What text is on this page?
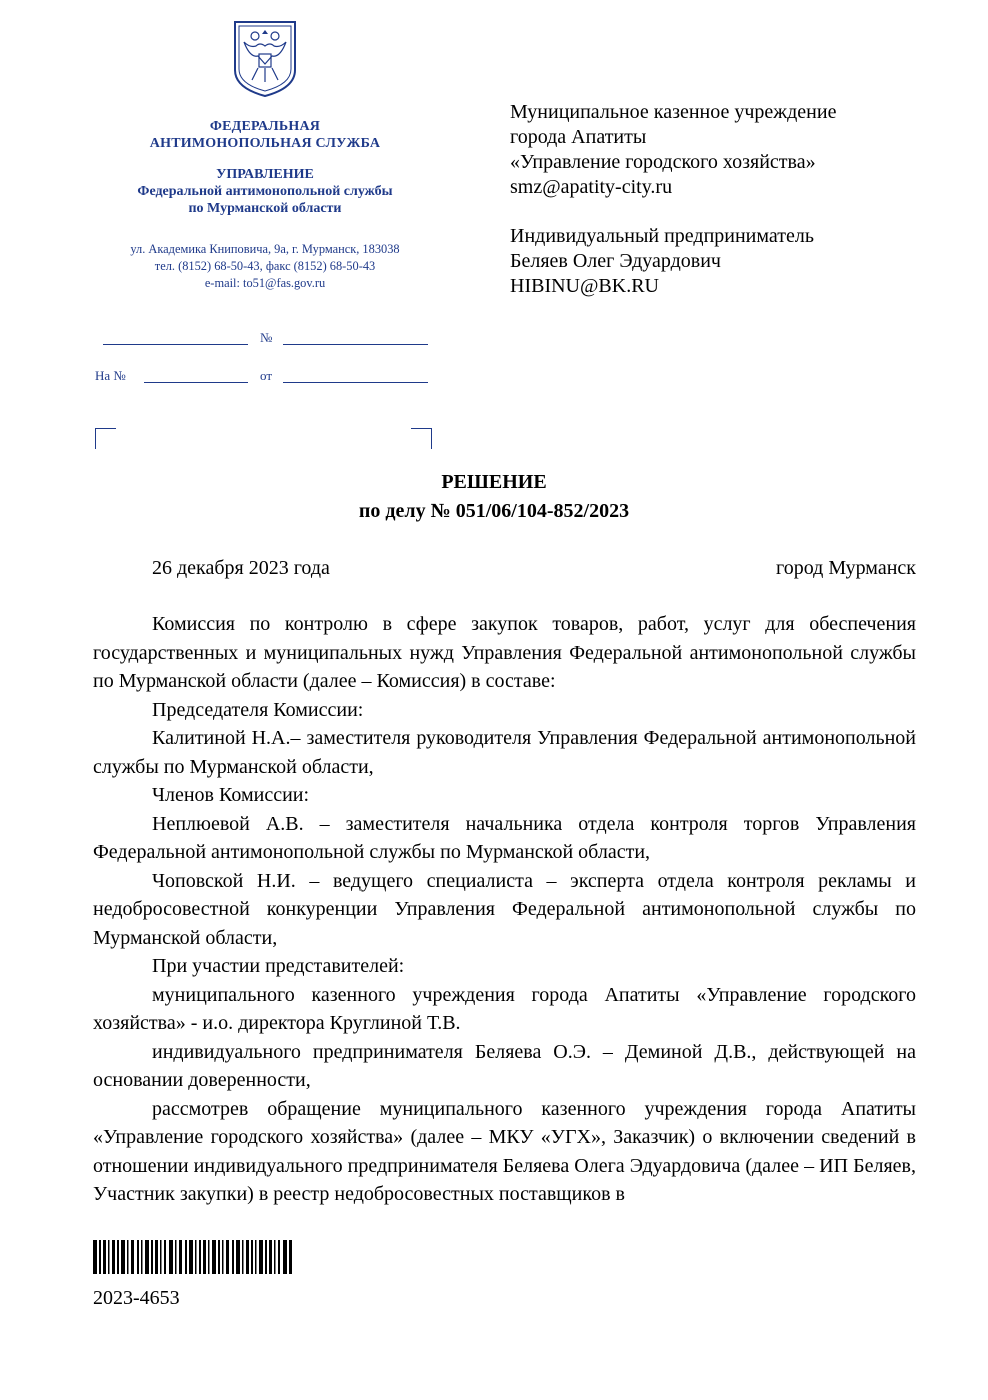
ФЕДЕРАЛЬНАЯ
АНТИМОНОПОЛЬНАЯ СЛУЖБА
УПРАВЛЕНИЕ
Федеральной антимонопольной службы
по Мурманской области
ул. Академика Книповича, 9а, г. Мурманск, 183038
тел. (8152) 68-50-43, факс (8152) 68-50-43
e-mail: to51@fas.gov.ru
№
На №	от

Муниципальное казенное учреждение

города Апатиты

«Управление городского хозяйства»

smz@apatity-city.ru

Индивидуальный предприниматель

Беляев Олег Эдуардович

HIBINU@BK.RU

РЕШЕНИЕ
по делу № 051/06/104-852/2023
26 декабря 2023 года	город Мурманск

Комиссия по контролю в сфере закупок товаров, работ, услуг для обеспечения государственных и муниципальных нужд Управления Федеральной антимонопольной службы по Мурманской области (далее – Комиссия) в составе:

Председателя Комиссии:

Калитиной Н.А.– заместителя руководителя Управления Федеральной антимонопольной службы по Мурманской области,

Членов Комиссии:

Неплюевой А.В. – заместителя начальника отдела контроля торгов Управления Федеральной антимонопольной службы по Мурманской области,

Чоповской Н.И. – ведущего специалиста – эксперта отдела контроля рекламы и недобросовестной конкуренции Управления Федеральной антимонопольной службы по Мурманской области,

При участии представителей:

муниципального казенного учреждения города Апатиты «Управление городского хозяйства» - и.о. директора Круглиной Т.В.

индивидуального предпринимателя Беляева О.Э. – Деминой Д.В., действующей на основании доверенности,

рассмотрев обращение муниципального казенного учреждения города Апатиты «Управление городского хозяйства» (далее – МКУ «УГХ», Заказчик) о включении сведений в отношении индивидуального предпринимателя Беляева Олега Эдуардовича (далее – ИП Беляев, Участник закупки) в реестр недобросовестных поставщиков в

2023-4653
